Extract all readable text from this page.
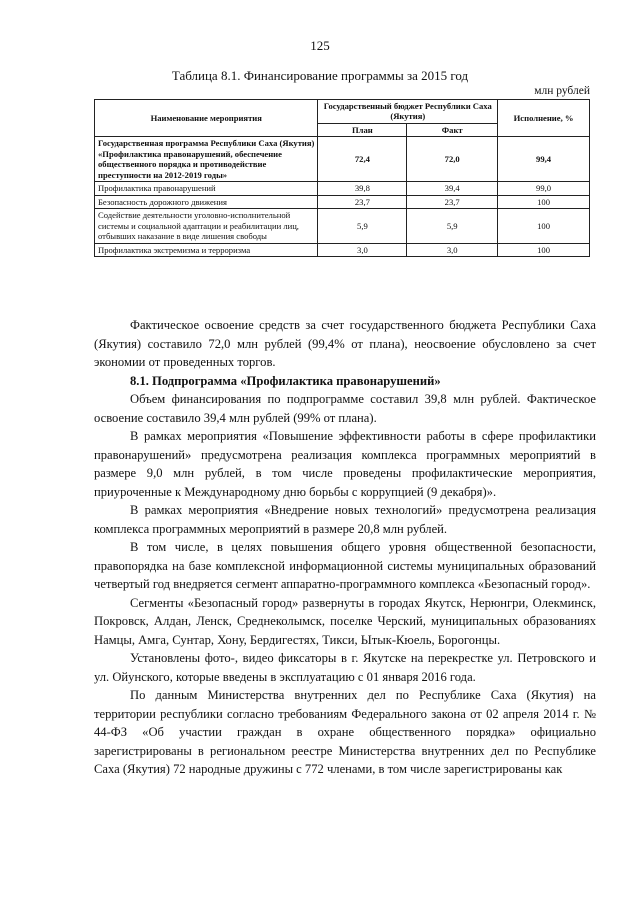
125
Таблица 8.1. Финансирование программы за 2015 год
млн рублей
Наименование мероприятия	Государственный бюджет Республики Саха (Якутия)		Исполнение, %
	План	Факт	
Государственная программа Республики Саха (Якутия) «Профилактика правонарушений, обеспечение общественного порядка и противодействие преступности на 2012-2019 годы»	72,4	72,0	99,4
Профилактика правонарушений	39,8	39,4	99,0
Безопасность дорожного движения	23,7	23,7	100
Содействие деятельности уголовно-исполнительной системы и социальной адаптации и реабилитации лиц, отбывших наказание в виде лишения свободы	5,9	5,9	100
Профилактика экстремизма и терроризма	3,0	3,0	100

Фактическое освоение средств за счет государственного бюджета Республики Саха (Якутия) составило 72,0 млн рублей (99,4% от плана), неосвоение обусловлено за счет экономии от проведенных торгов.

8.1. Подпрограмма «Профилактика правонарушений»

Объем финансирования по подпрограмме составил 39,8 млн рублей. Фактическое освоение составило 39,4 млн рублей (99% от плана).

В рамках мероприятия «Повышение эффективности работы в сфере профилактики правонарушений» предусмотрена реализация комплекса программных мероприятий в размере 9,0 млн рублей, в том числе проведены профилактические мероприятия, приуроченные к Международному дню борьбы с коррупцией (9 декабря)».

В рамках мероприятия «Внедрение новых технологий» предусмотрена реализация комплекса программных мероприятий в размере 20,8 млн рублей.

В том числе, в целях повышения общего уровня общественной безопасности, правопорядка на базе комплексной информационной системы муниципальных образований четвертый год внедряется сегмент аппаратно-программного комплекса «Безопасный город».

Сегменты «Безопасный город» развернуты в городах Якутск, Нерюнгри, Олекминск, Покровск, Алдан, Ленск, Среднеколымск, поселке Черский, муниципальных образованиях Намцы, Амга, Сунтар, Хону, Бердигестях, Тикси, Ытык-Кюель, Борогонцы.

Установлены фото-, видео фиксаторы в г. Якутске на перекрестке ул. Петровского и ул. Ойунского, которые введены в эксплуатацию с 01 января 2016 года.

По данным Министерства внутренних дел по Республике Саха (Якутия) на территории республики согласно требованиям Федерального закона от 02 апреля 2014 г. № 44-ФЗ «Об участии граждан в охране общественного порядка» официально зарегистрированы в региональном реестре Министерства внутренних дел по Республике Саха (Якутия) 72 народные дружины с 772 членами, в том числе зарегистрированы как
